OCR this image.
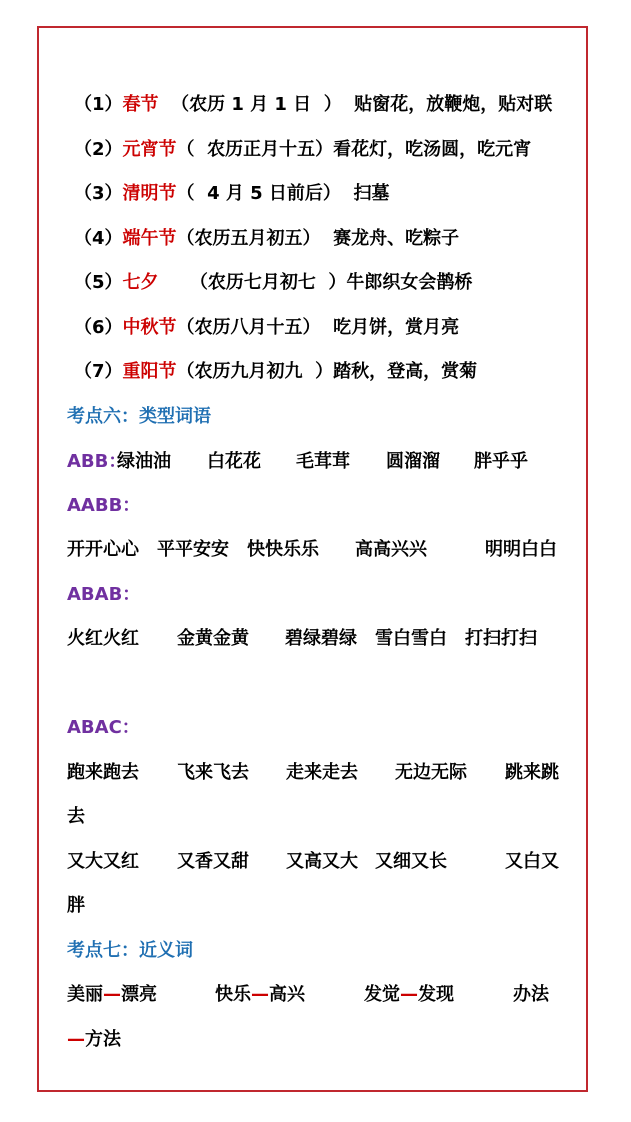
（1）春节  （农历 1 月 1 日  ） 贴窗花，放鞭炮，贴对联
（2）元宵节（  农历正月十五）看花灯，吃汤圆，吃元宵
（3）清明节（  4 月 5 日前后） 扫墓
（4）端午节（农历五月初五） 赛龙舟、吃粽子
（5）七夕     （农历七月初七  ）牛郎织女会鹊桥
（6）中秋节（农历八月十五） 吃月饼，赏月亮
（7）重阳节（农历九月初九  ）踏秋，登高，赏菊
考点六：类型词语

ABB：

绿油油

白花花

毛茸茸

圆溜溜

胖乎乎

AABB：

开开心心

平平安安

快快乐乐

高高兴兴

	明明白白

ABAB：

火红火红

金黄金黄

碧绿碧绿

雪白雪白

打扫打扫

ABAC：

跑来跑去

飞来飞去

走来走去

无边无际

跳来跳

去

又大又红

又香又甜

又高又大

又细又长

	又白又

胖
考点七：近义词

美丽—漂亮

	快乐—高兴

	发觉—发现

	办法

—方法
